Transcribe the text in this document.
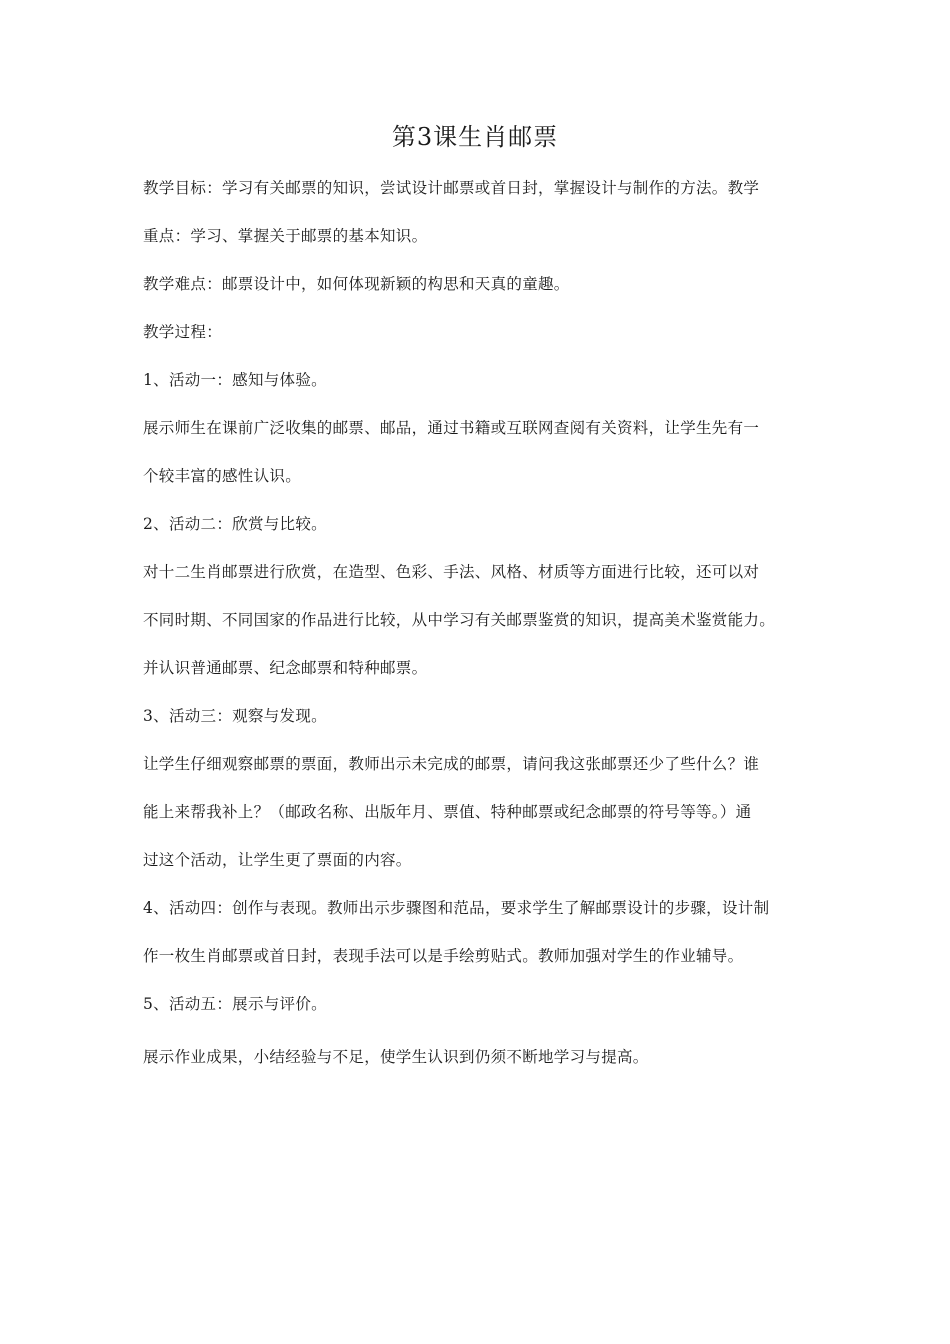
第3课生肖邮票
教学目标：学习有关邮票的知识，尝试设计邮票或首日封，掌握设计与制作的方法。教学
重点：学习、掌握关于邮票的基本知识。
教学难点：邮票设计中，如何体现新颖的构思和天真的童趣。
教学过程：
1、活动一：感知与体验。
展示师生在课前广泛收集的邮票、邮品，通过书籍或互联网查阅有关资料，让学生先有一
个较丰富的感性认识。
2、活动二：欣赏与比较。
对十二生肖邮票进行欣赏，在造型、色彩、手法、风格、材质等方面进行比较，还可以对
不同时期、不同国家的作品进行比较，从中学习有关邮票鉴赏的知识，提高美术鉴赏能力。
并认识普通邮票、纪念邮票和特种邮票。
3、活动三：观察与发现。
让学生仔细观察邮票的票面，教师出示未完成的邮票，请问我这张邮票还少了些什么？谁
能上来帮我补上？（邮政名称、出版年月、票值、特种邮票或纪念邮票的符号等等。）通
过这个活动，让学生更了票面的内容。
4、活动四：创作与表现。教师出示步骤图和范品，要求学生了解邮票设计的步骤，设计制
作一枚生肖邮票或首日封，表现手法可以是手绘剪贴式。教师加强对学生的作业辅导。
5、活动五：展示与评价。
展示作业成果，小结经验与不足，使学生认识到仍须不断地学习与提高。
